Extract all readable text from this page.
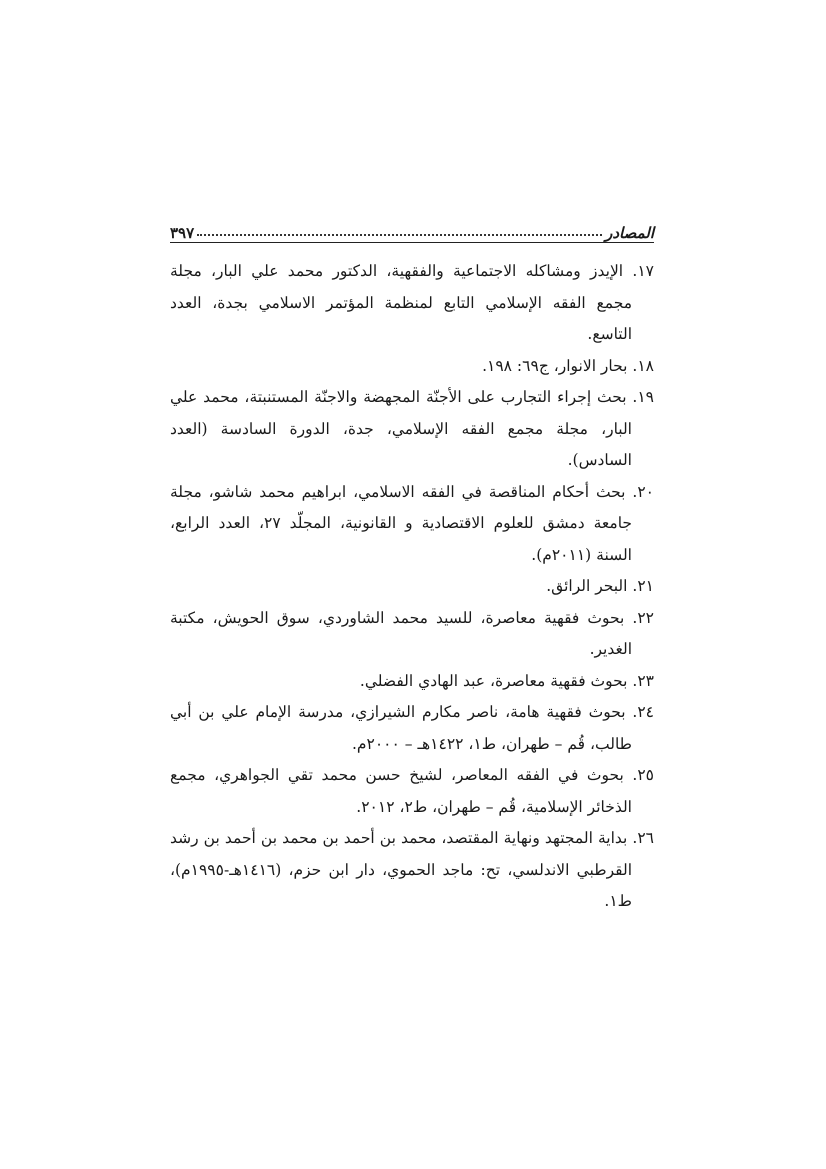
المصادر
٣٩٧

١٧. الإيدز ومشاكله الاجتماعية والفقهية، الدكتور محمد علي البار، مجلة مجمع الفقه الإسلامي التابع لمنظمة المؤتمر الاسلامي بجدة، العدد التاسع.

١٨. بحار الانوار، ج٦٩: ١٩٨.

١٩. بحث إجراء التجارب على الأجنّة المجهضة والاجنّة المستنبتة، محمد علي البار، مجلة مجمع الفقه الإسلامي، جدة، الدورة السادسة (العدد السادس).

٢٠. بحث أحكام المناقصة في الفقه الاسلامي، ابراهيم محمد شاشو، مجلة جامعة دمشق للعلوم الاقتصادية و القانونية، المجلّد ٢٧، العدد الرابع، السنة (٢٠١١م).

٢١. البحر الرائق.

٢٢. بحوث فقهية معاصرة، للسيد محمد الشاوردي، سوق الحويش، مكتبة الغدير.

٢٣. بحوث فقهية معاصرة، عبد الهادي الفضلي.

٢٤. بحوث فقهية هامة، ناصر مكارم الشيرازي، مدرسة الإمام علي بن أبي طالب، قُم – طهران، ط١، ١٤٢٢هـ – ٢٠٠٠م.

٢٥. بحوث في الفقه المعاصر، لشيخ حسن محمد تقي الجواهري، مجمع الذخائر الإسلامية، قُم – طهران، ط٢، ٢٠١٢.

٢٦. بداية المجتهد ونهاية المقتصد، محمد بن أحمد بن محمد بن أحمد بن رشد القرطبي الاندلسي، تح: ماجد الحموي، دار ابن حزم، (١٤١٦هـ-١٩٩٥م)، ط١.
